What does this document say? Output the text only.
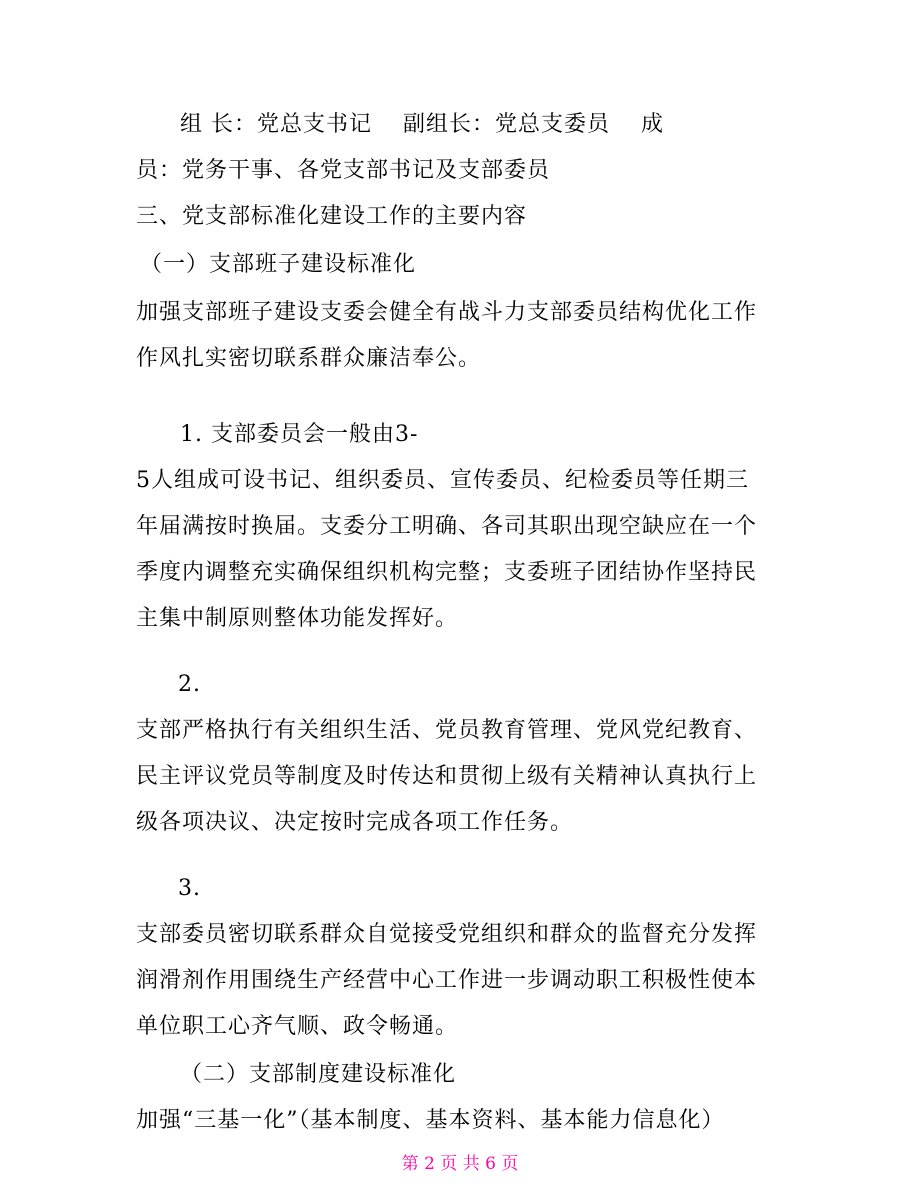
组 长：党总支书记　 副组长：党总支委员　 成
员：党务干事、各党支部书记及支部委员
三、党支部标准化建设工作的主要内容
（一）支部班子建设标准化
加强支部班子建设支委会健全有战斗力支部委员结构优化工作
作风扎实密切联系群众廉洁奉公。
1. 支部委员会一般由3-
5人组成可设书记、组织委员、宣传委员、纪检委员等任期三
年届满按时换届。支委分工明确、各司其职出现空缺应在一个
季度内调整充实确保组织机构完整；支委班子团结协作坚持民
主集中制原则整体功能发挥好。
2.
支部严格执行有关组织生活、党员教育管理、党风党纪教育、
民主评议党员等制度及时传达和贯彻上级有关精神认真执行上
级各项决议、决定按时完成各项工作任务。
3.
支部委员密切联系群众自觉接受党组织和群众的监督充分发挥
润滑剂作用围绕生产经营中心工作进一步调动职工积极性使本
单位职工心齐气顺、政令畅通。
（二）支部制度建设标准化
加强“三基一化”（基本制度、基本资料、基本能力信息化）
第 2 页 共 6 页
